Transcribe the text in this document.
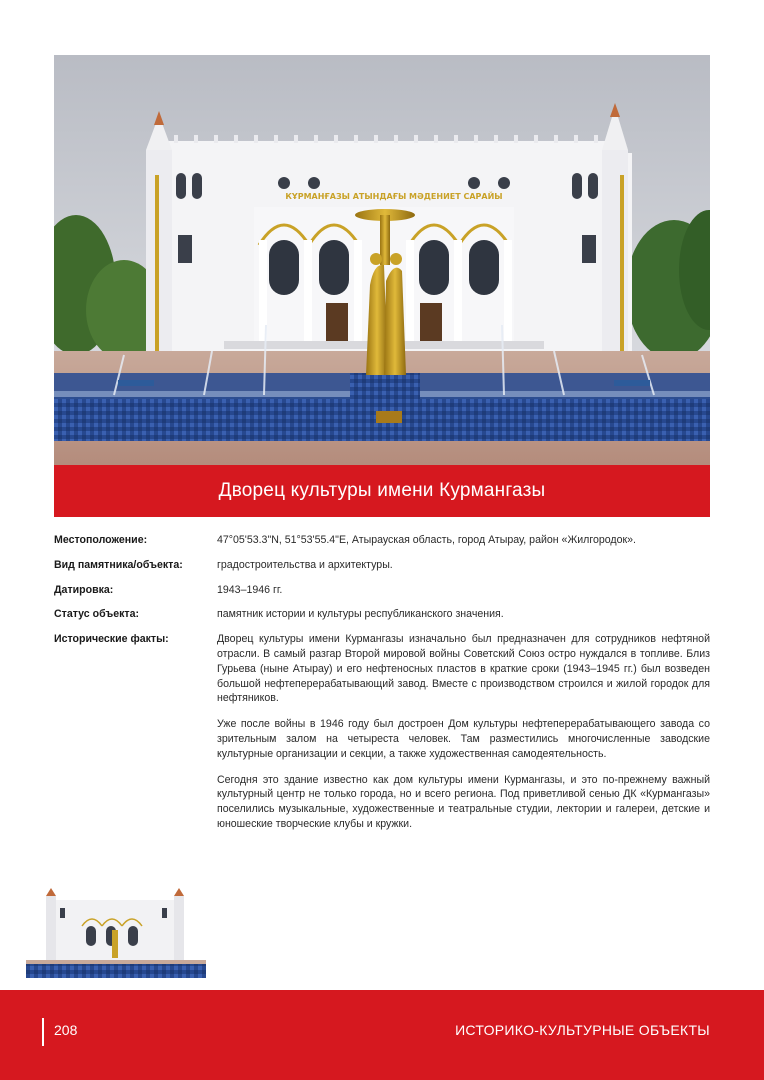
КҰРМАНҒАЗЫ АТЫНДАҒЫ МӘДЕНИЕТ САРАЙЫ
Дворец культуры имени Курмангазы
Местоположение:	47°05'53.3"N, 51°53'55.4"E, Атырауская область, город Атырау, район «Жилгородок».
Вид памятника/объекта:	градостроительства и архитектуры.
Датировка:	1943–1946 гг.
Статус объекта:	памятник истории и культуры республиканского значения.
Исторические факты:	Дворец культуры имени Курмангазы изначально был предназначен для сотрудников нефтяной отрасли. В самый разгар Второй мировой войны Советский Союз остро нуждался в топливе. Близ Гурьева (ныне Атырау) и его нефтеносных пластов в краткие сроки (1943–1945 гг.) был возведен большой нефтеперерабатывающий завод. Вместе с производством строился и жилой городок для нефтяников.

Уже после войны в 1946 году был достроен Дом культуры нефтеперерабатывающего завода со зрительным залом на четыреста человек. Там разместились многочисленные заводские культурные организации и секции, а также художественная самодеятельность.

Сегодня это здание известно как дом культуры имени Курмангазы, и это по-прежнему важный культурный центр не только города, но и всего региона. Под приветливой сенью ДК «Курмангазы» поселились музыкальные, художественные и театральные студии, лектории и галереи, детские и юношеские творческие клубы и кружки.

208	ИСТОРИКО-КУЛЬТУРНЫЕ ОБЪЕКТЫ
